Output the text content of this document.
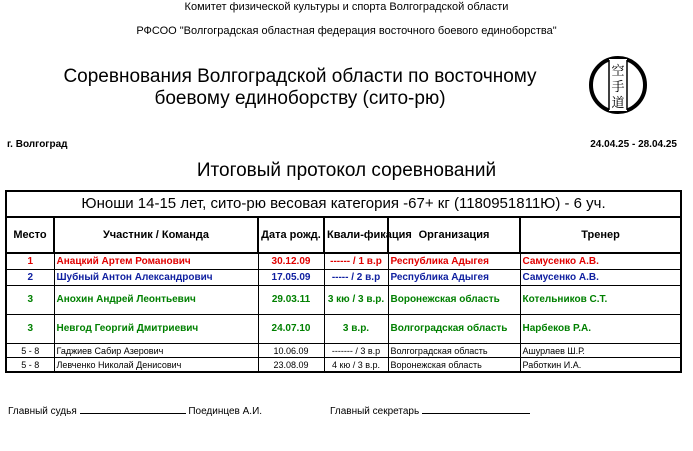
Комитет физической культуры и спорта Волгоградской области
РФСОО "Волгоградская областная федерация восточного боевого единоборства"
Соревнования Волгоградской области по восточному
боевому единоборству (сито-рю)
空
手
道
г. Волгоград	24.04.25 - 28.04.25
Итоговый протокол соревнований
Юноши 14-15 лет, сито-рю весовая категория -67+ кг (1180951811Ю) - 6 уч.					
Место	Участник / Команда	Дата рожд.	Квали-фикация	Организация	Тренер
1	Анацкий Артем Романович	30.12.09	------ / 1 в.р	Республика Адыгея	Самусенко А.В.
2	Шубный Антон Александрович	17.05.09	----- / 2 в.р	Республика Адыгея	Самусенко А.В.
3	Анохин Андрей Леонтьевич	29.03.11	3 кю / 3 в.р.	Воронежская область	Котельников С.Т.
3	Невгод Георгий Дмитриевич	24.07.10	3 в.р.	Волгоградская область	Нарбеков Р.А.
5 - 8	Гаджиев Сабир Азерович	10.06.09	------- / 3 в.р	Волгоградская область	Ашурлаев Ш.Р.
5 - 8	Левченко Николай Денисович	23.08.09	4 кю / 3 в.р.	Воронежская область	Работкин И.А.
Главный судья	Поединцев А.И.	Главный секретарь
